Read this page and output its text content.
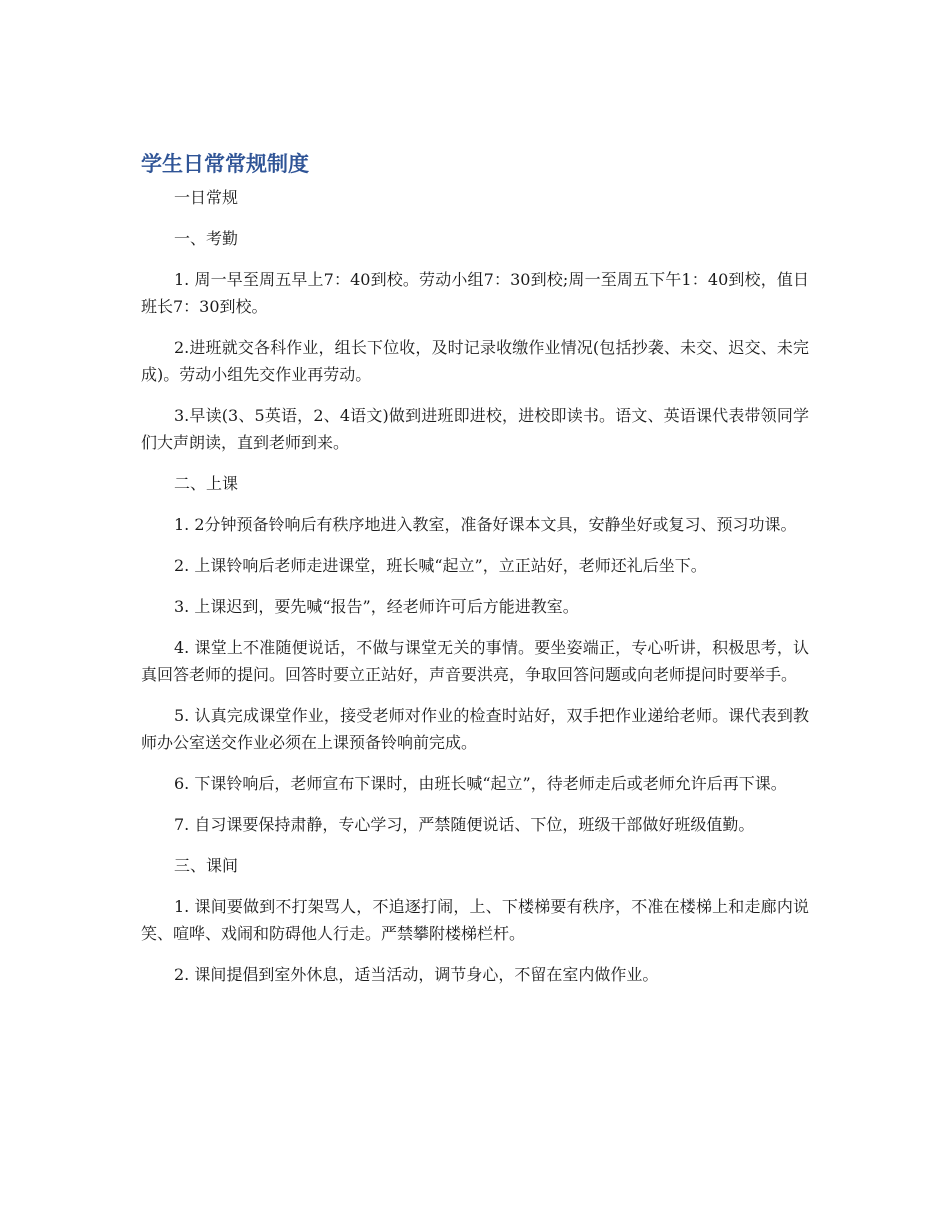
学生日常常规制度

一日常规

一、考勤

1. 周一早至周五早上7：40到校。劳动小组7：30到校;周一至周五下午1：40到校，值日班长7：30到校。

2.进班就交各科作业，组长下位收，及时记录收缴作业情况(包括抄袭、未交、迟交、未完成)。劳动小组先交作业再劳动。

3.早读(3、5英语，2、4语文)做到进班即进校，进校即读书。语文、英语课代表带领同学们大声朗读，直到老师到来。

二、上课

1. 2分钟预备铃响后有秩序地进入教室，准备好课本文具，安静坐好或复习、预习功课。

2. 上课铃响后老师走进课堂，班长喊“起立”，立正站好，老师还礼后坐下。

3. 上课迟到，要先喊“报告”，经老师许可后方能进教室。

4. 课堂上不准随便说话，不做与课堂无关的事情。要坐姿端正，专心听讲，积极思考，认真回答老师的提问。回答时要立正站好，声音要洪亮，争取回答问题或向老师提问时要举手。

5. 认真完成课堂作业，接受老师对作业的检查时站好，双手把作业递给老师。课代表到教师办公室送交作业必须在上课预备铃响前完成。

6. 下课铃响后，老师宣布下课时，由班长喊“起立”，待老师走后或老师允许后再下课。

7. 自习课要保持肃静，专心学习，严禁随便说话、下位，班级干部做好班级值勤。

三、课间

1. 课间要做到不打架骂人，不追逐打闹，上、下楼梯要有秩序，不准在楼梯上和走廊内说笑、喧哗、戏闹和防碍他人行走。严禁攀附楼梯栏杆。

2. 课间提倡到室外休息，适当活动，调节身心，不留在室内做作业。
